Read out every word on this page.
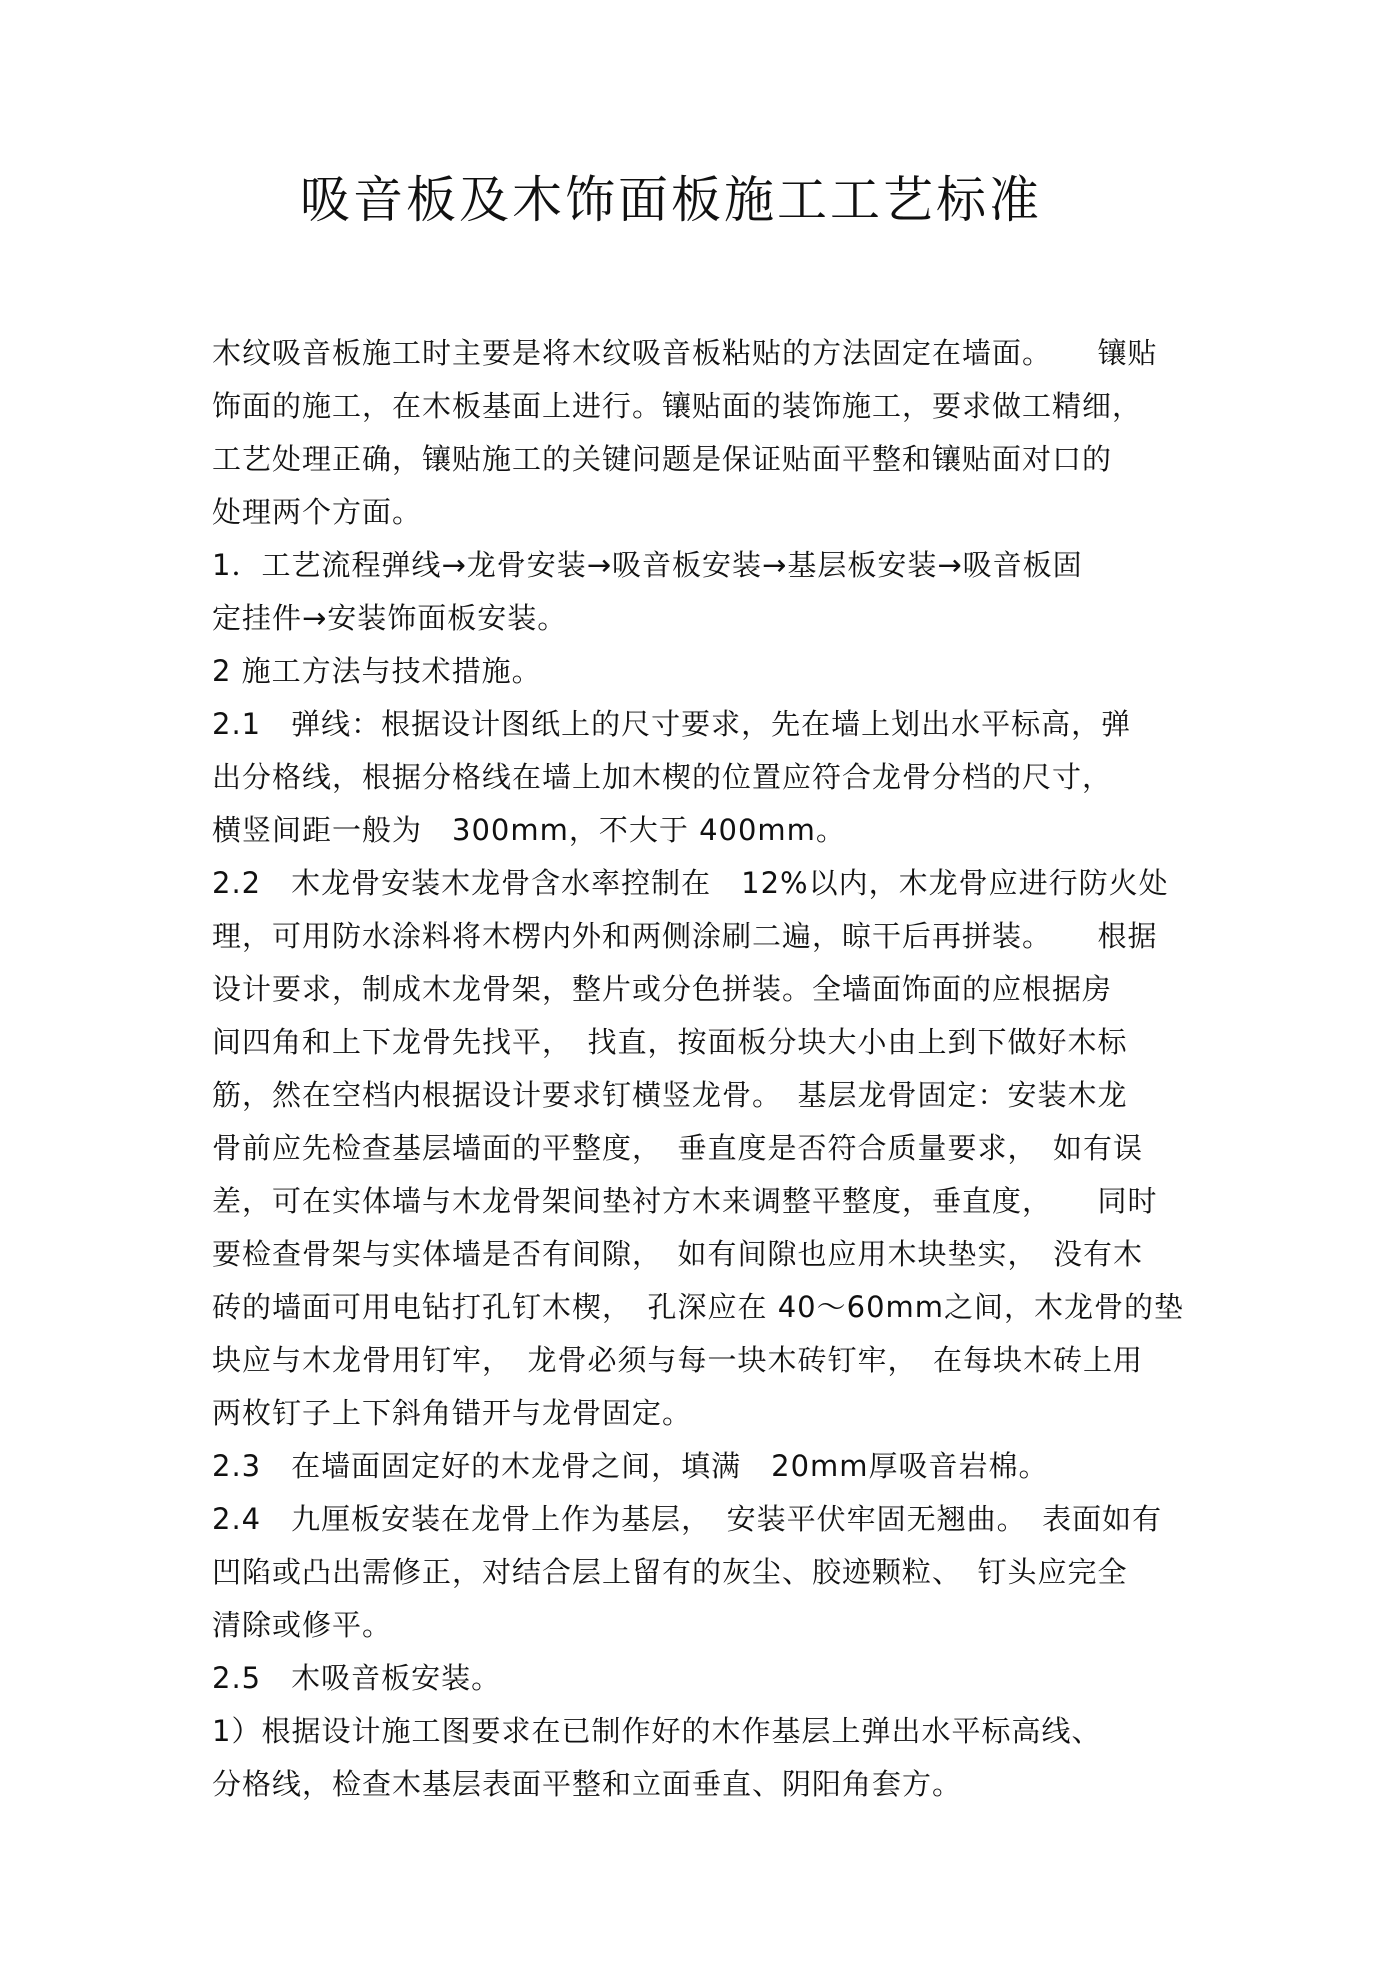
吸音板及木饰面板施工工艺标准
木纹吸音板施工时主要是将木纹吸音板粘贴的方法固定在墙面。　　镶贴
饰面的施工，在木板基面上进行。镶贴面的装饰施工，要求做工精细，
工艺处理正确，镶贴施工的关键问题是保证贴面平整和镶贴面对口的
处理两个方面。
1．工艺流程弹线→龙骨安装→吸音板安装→基层板安装→吸音板固
定挂件→安装饰面板安装。
2 施工方法与技术措施。
2.1　弹线：根据设计图纸上的尺寸要求，先在墙上划出水平标高，弹
出分格线，根据分格线在墙上加木楔的位置应符合龙骨分档的尺寸，
横竖间距一般为　300mm，不大于 400mm。
2.2　木龙骨安装木龙骨含水率控制在　12%以内，木龙骨应进行防火处
理，可用防水涂料将木楞内外和两侧涂刷二遍，晾干后再拼装。　　根据
设计要求，制成木龙骨架，整片或分色拼装。全墙面饰面的应根据房
间四角和上下龙骨先找平，　找直，按面板分块大小由上到下做好木标
筋，然在空档内根据设计要求钉横竖龙骨。　基层龙骨固定：安装木龙
骨前应先检查基层墙面的平整度，　垂直度是否符合质量要求，　如有误
差，可在实体墙与木龙骨架间垫衬方木来调整平整度，垂直度，　　同时
要检查骨架与实体墙是否有间隙，　如有间隙也应用木块垫实，　没有木
砖的墙面可用电钻打孔钉木楔，　孔深应在 40～60mm之间，木龙骨的垫
块应与木龙骨用钉牢，　龙骨必须与每一块木砖钉牢，　在每块木砖上用
两枚钉子上下斜角错开与龙骨固定。
2.3　在墙面固定好的木龙骨之间，填满　20mm厚吸音岩棉。
2.4　九厘板安装在龙骨上作为基层，　安装平伏牢固无翘曲。　表面如有
凹陷或凸出需修正，对结合层上留有的灰尘、胶迹颗粒、　钉头应完全
清除或修平。
2.5　木吸音板安装。
1）根据设计施工图要求在已制作好的木作基层上弹出水平标高线、
分格线，检查木基层表面平整和立面垂直、阴阳角套方。
